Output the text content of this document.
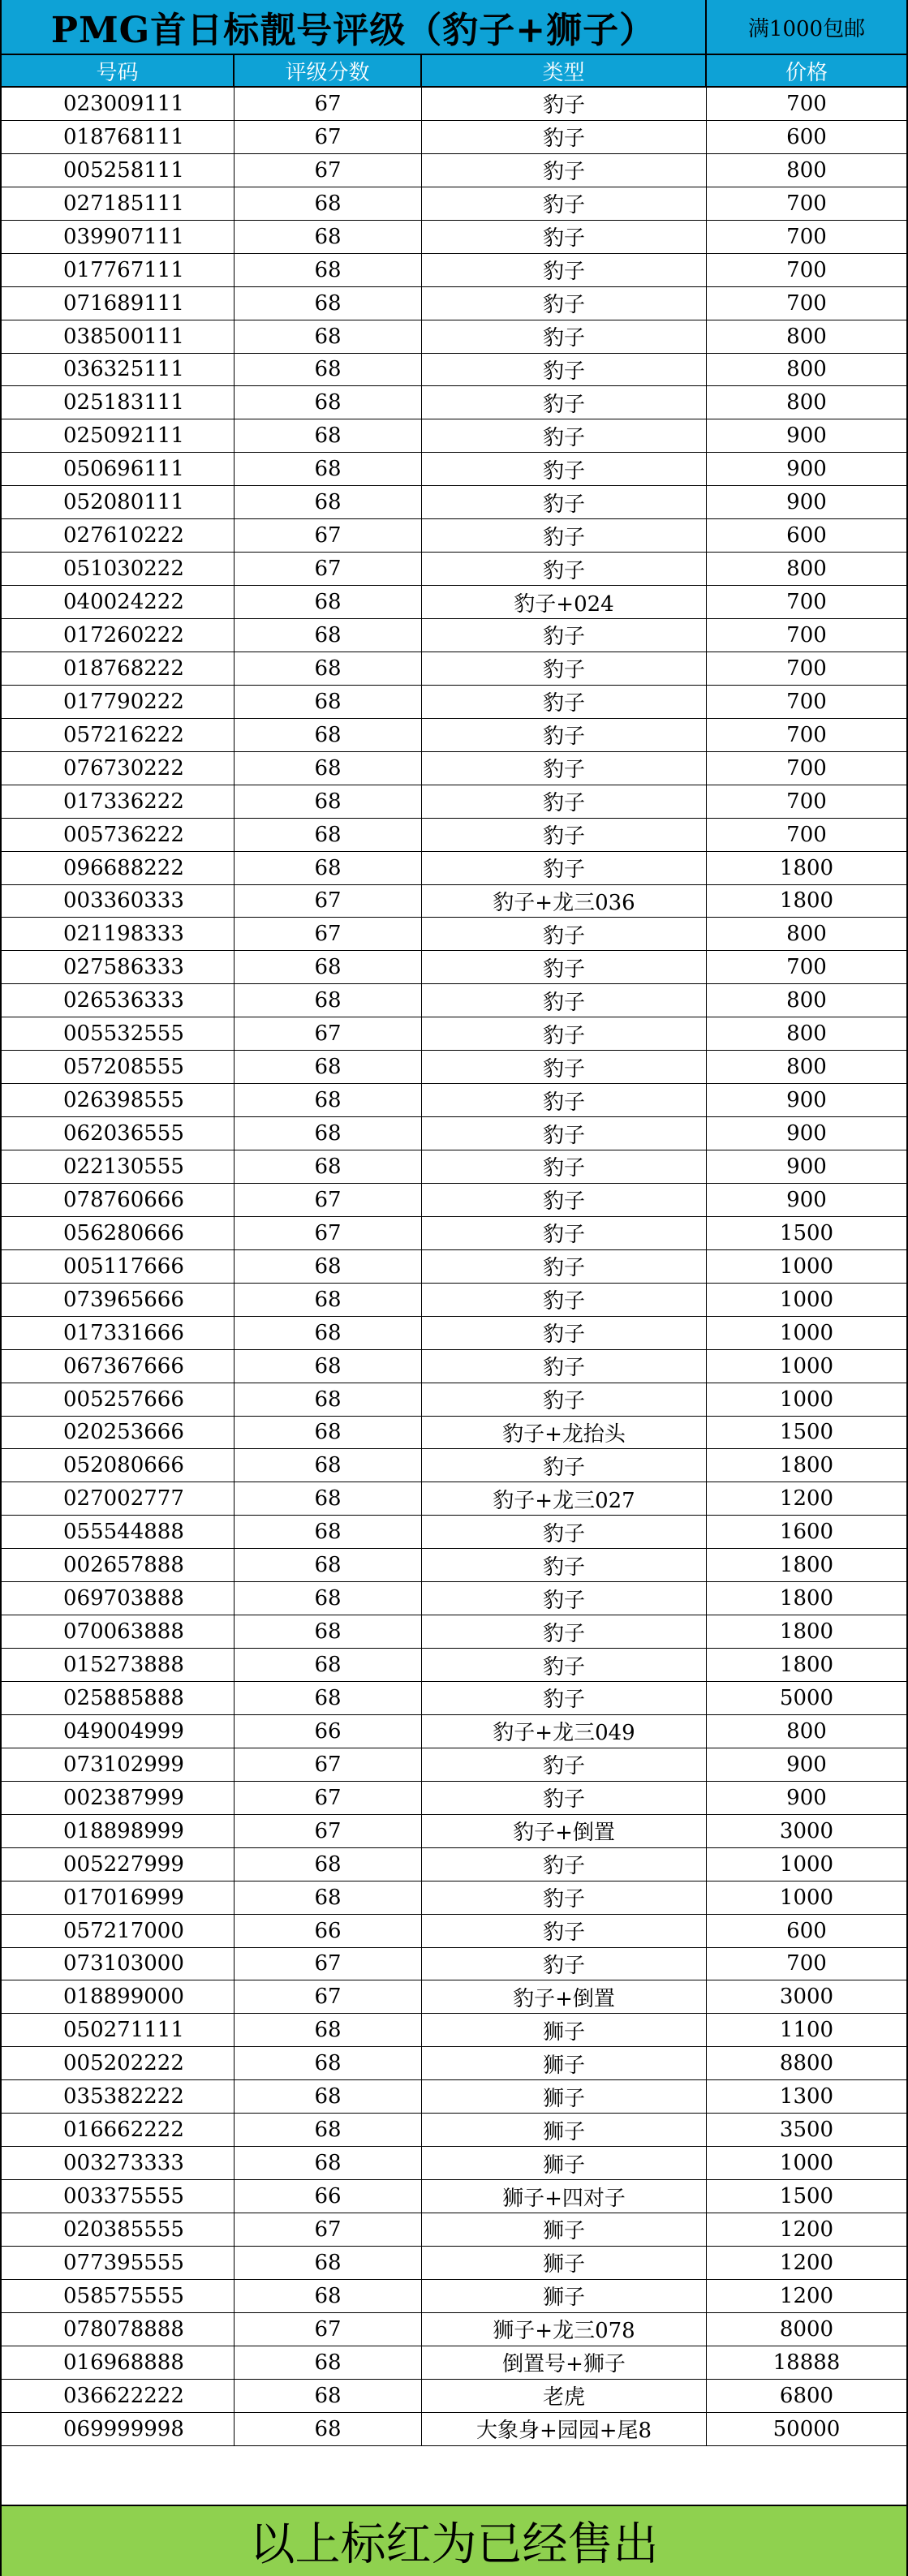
PMG首日标靓号评级（豹子+狮子）	满1000包邮
号码	评级分数	类型	价格
023009111	67	豹子	700
018768111	67	豹子	600
005258111	67	豹子	800
027185111	68	豹子	700
039907111	68	豹子	700
017767111	68	豹子	700
071689111	68	豹子	700
038500111	68	豹子	800
036325111	68	豹子	800
025183111	68	豹子	800
025092111	68	豹子	900
050696111	68	豹子	900
052080111	68	豹子	900
027610222	67	豹子	600
051030222	67	豹子	800
040024222	68	豹子+024	700
017260222	68	豹子	700
018768222	68	豹子	700
017790222	68	豹子	700
057216222	68	豹子	700
076730222	68	豹子	700
017336222	68	豹子	700
005736222	68	豹子	700
096688222	68	豹子	1800
003360333	67	豹子+龙三036	1800
021198333	67	豹子	800
027586333	68	豹子	700
026536333	68	豹子	800
005532555	67	豹子	800
057208555	68	豹子	800
026398555	68	豹子	900
062036555	68	豹子	900
022130555	68	豹子	900
078760666	67	豹子	900
056280666	67	豹子	1500
005117666	68	豹子	1000
073965666	68	豹子	1000
017331666	68	豹子	1000
067367666	68	豹子	1000
005257666	68	豹子	1000
020253666	68	豹子+龙抬头	1500
052080666	68	豹子	1800
027002777	68	豹子+龙三027	1200
055544888	68	豹子	1600
002657888	68	豹子	1800
069703888	68	豹子	1800
070063888	68	豹子	1800
015273888	68	豹子	1800
025885888	68	豹子	5000
049004999	66	豹子+龙三049	800
073102999	67	豹子	900
002387999	67	豹子	900
018898999	67	豹子+倒置	3000
005227999	68	豹子	1000
017016999	68	豹子	1000
057217000	66	豹子	600
073103000	67	豹子	700
018899000	67	豹子+倒置	3000
050271111	68	狮子	1100
005202222	68	狮子	8800
035382222	68	狮子	1300
016662222	68	狮子	3500
003273333	68	狮子	1000
003375555	66	狮子+四对子	1500
020385555	67	狮子	1200
077395555	68	狮子	1200
058575555	68	狮子	1200
078078888	67	狮子+龙三078	8000
016968888	68	倒置号+狮子	18888
036622222	68	老虎	6800
069999998	68	大象身+园园+尾8	50000
以上标红为已经售出
